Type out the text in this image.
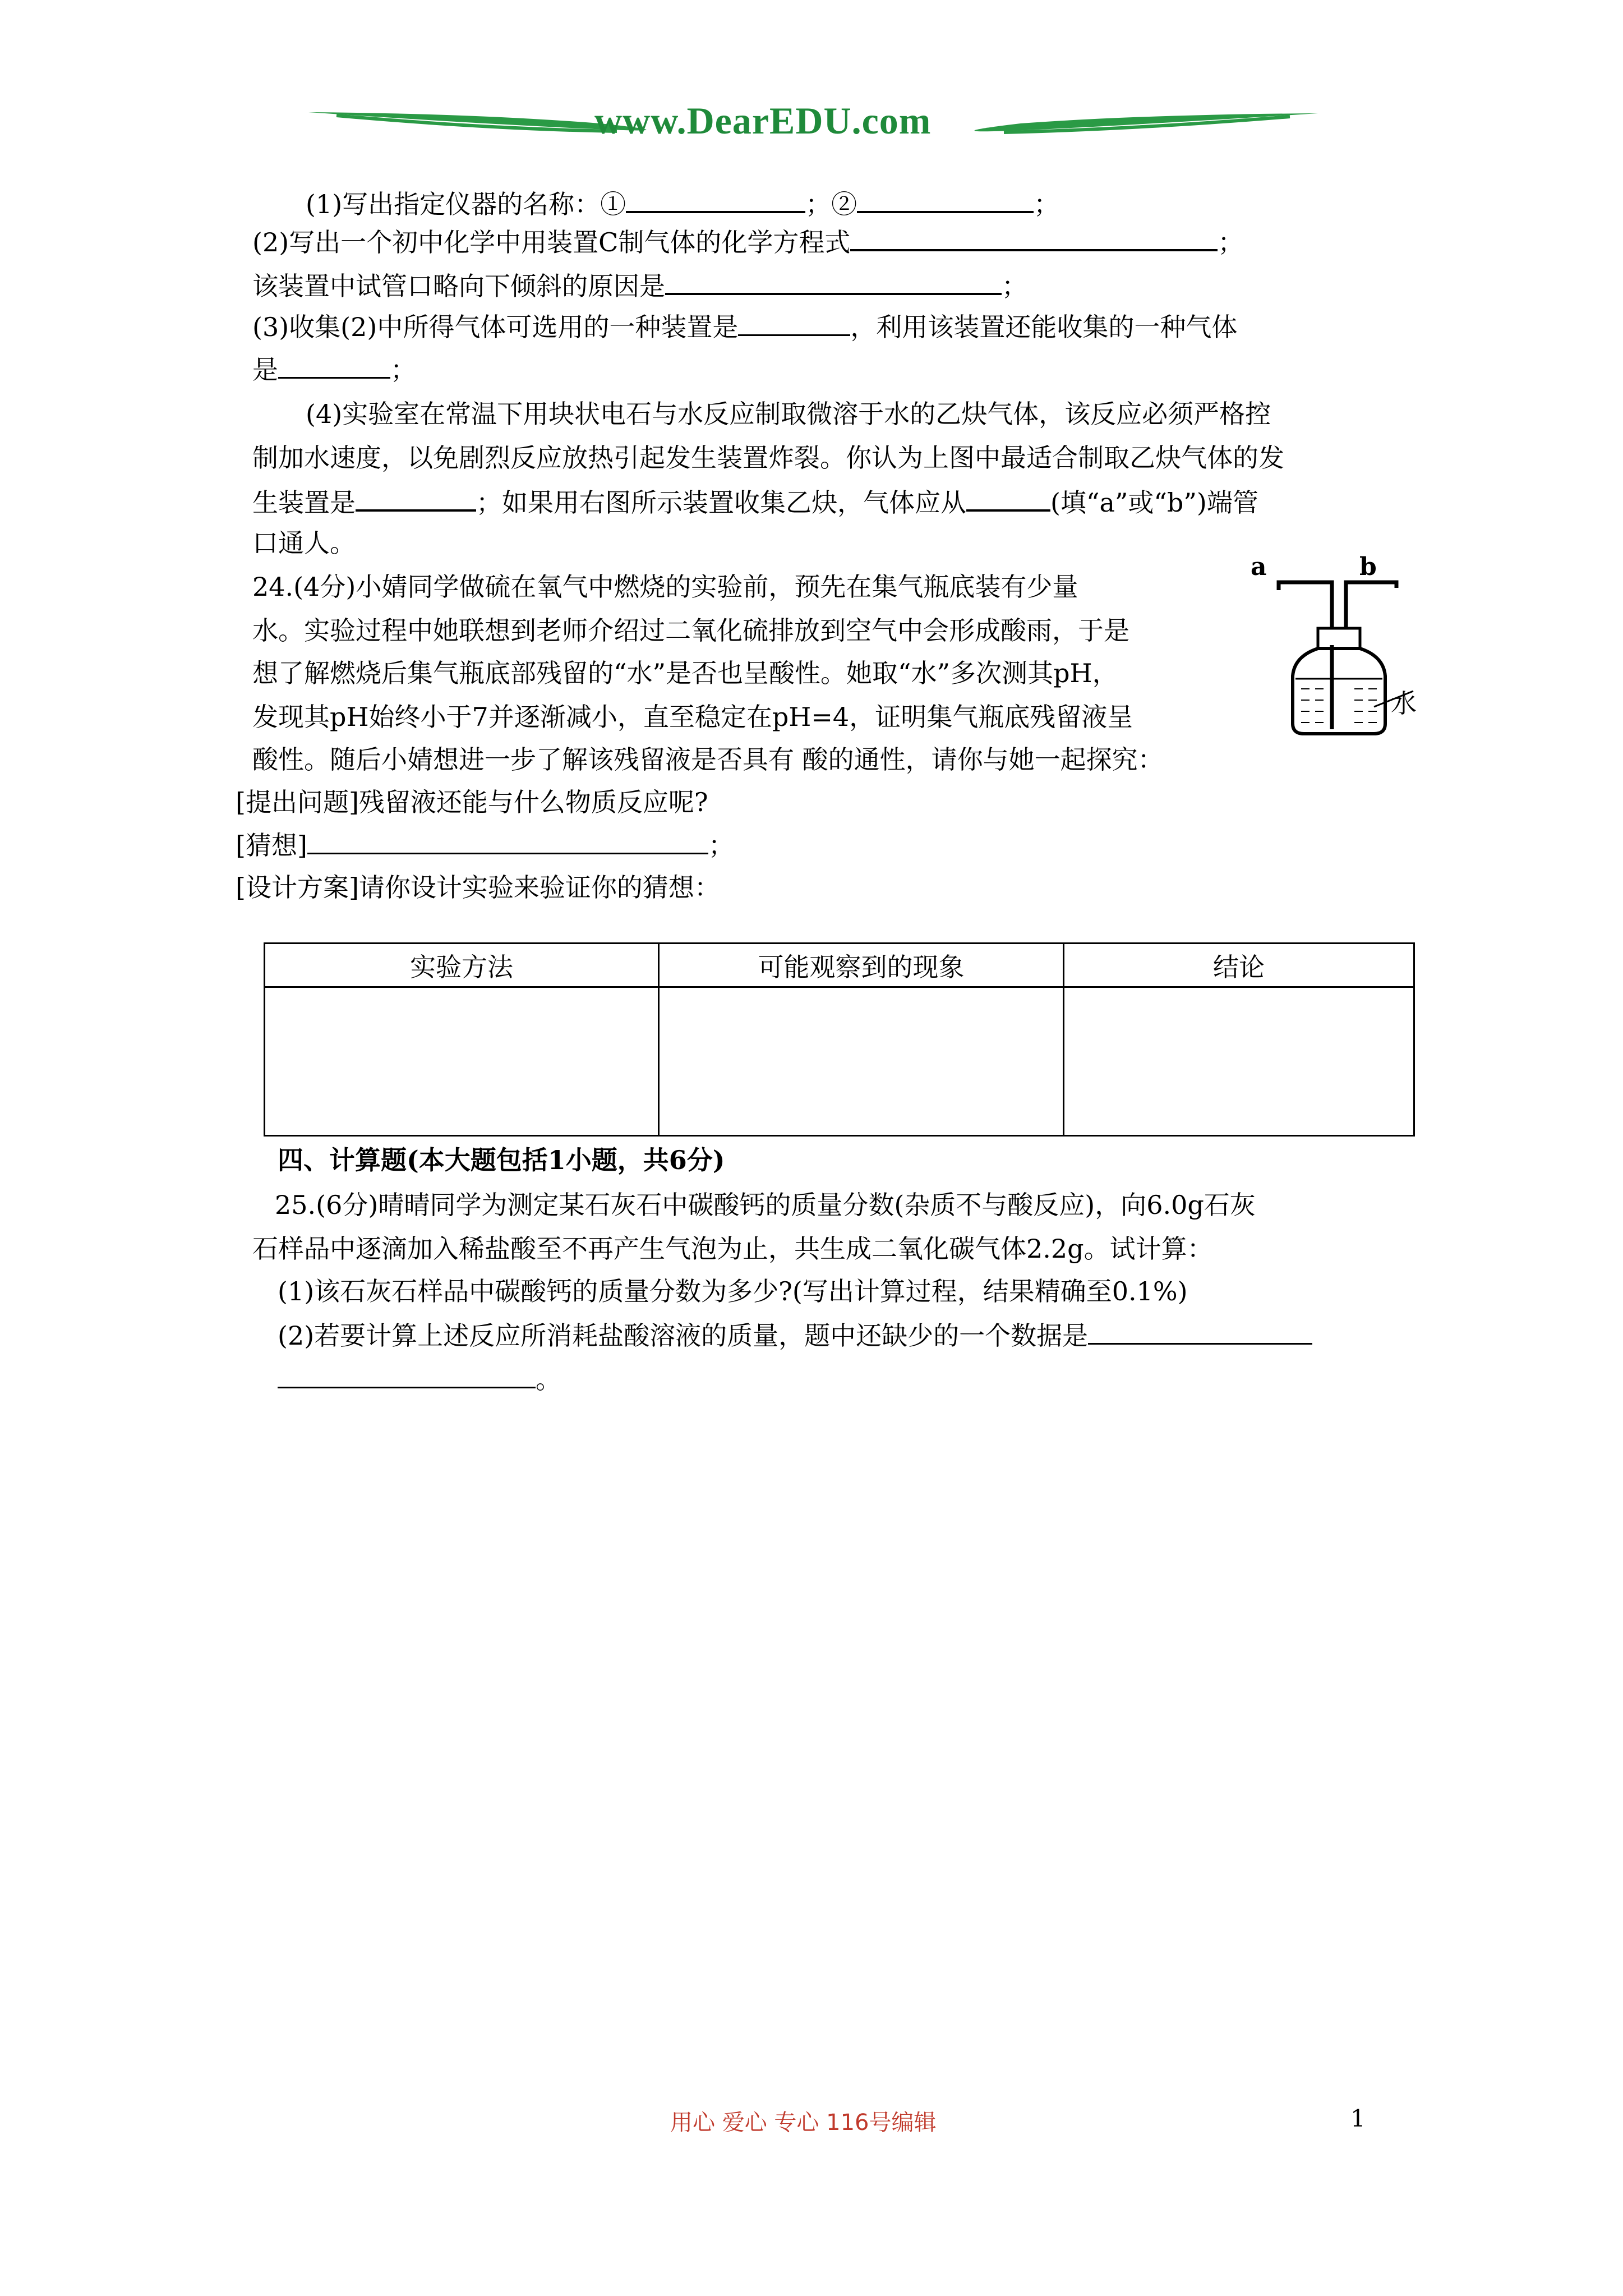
www.DearEDU.com
(1)写出指定仪器的名称：①	；②	；
(2)写出一个初中化学中用装置C制气体的化学方程式	；
该装置中试管口略向下倾斜的原因是	；
(3)收集(2)中所得气体可选用的一种装置是	，利用该装置还能收集的一种气体
是	；
(4)实验室在常温下用块状电石与水反应制取微溶于水的乙炔气体，该反应必须严格控
制加水速度，以免剧烈反应放热引起发生装置炸裂。你认为上图中最适合制取乙炔气体的发
生装置是	；如果用右图所示装置收集乙炔，气体应从	(填“a”或“b”)端管
口通人。
24.(4分)小婧同学做硫在氧气中燃烧的实验前，预先在集气瓶底装有少量
水。实验过程中她联想到老师介绍过二氧化硫排放到空气中会形成酸雨，于是
想了解燃烧后集气瓶底部残留的“水”是否也呈酸性。她取“水”多次测其pH，
发现其pH始终小于7并逐渐减小，直至稳定在pH=4，证明集气瓶底残留液呈
酸性。随后小婧想进一步了解该残留液是否具有 酸的通性，请你与她一起探究：
[提出问题]残留液还能与什么物质反应呢?
[猜想]	；
[设计方案]请你设计实验来验证你的猜想：
a	b
水
实验方法	可能观察到的现象	结论

四、计算题(本大题包括1小题，共6分)
25.(6分)晴晴同学为测定某石灰石中碳酸钙的质量分数(杂质不与酸反应)，向6.0g石灰
石样品中逐滴加入稀盐酸至不再产生气泡为止，共生成二氧化碳气体2.2g。试计算：
(1)该石灰石样品中碳酸钙的质量分数为多少?(写出计算过程，结果精确至0.1%)
(2)若要计算上述反应所消耗盐酸溶液的质量，题中还缺少的一个数据是
。
用心 爱心 专心 116号编辑	1
